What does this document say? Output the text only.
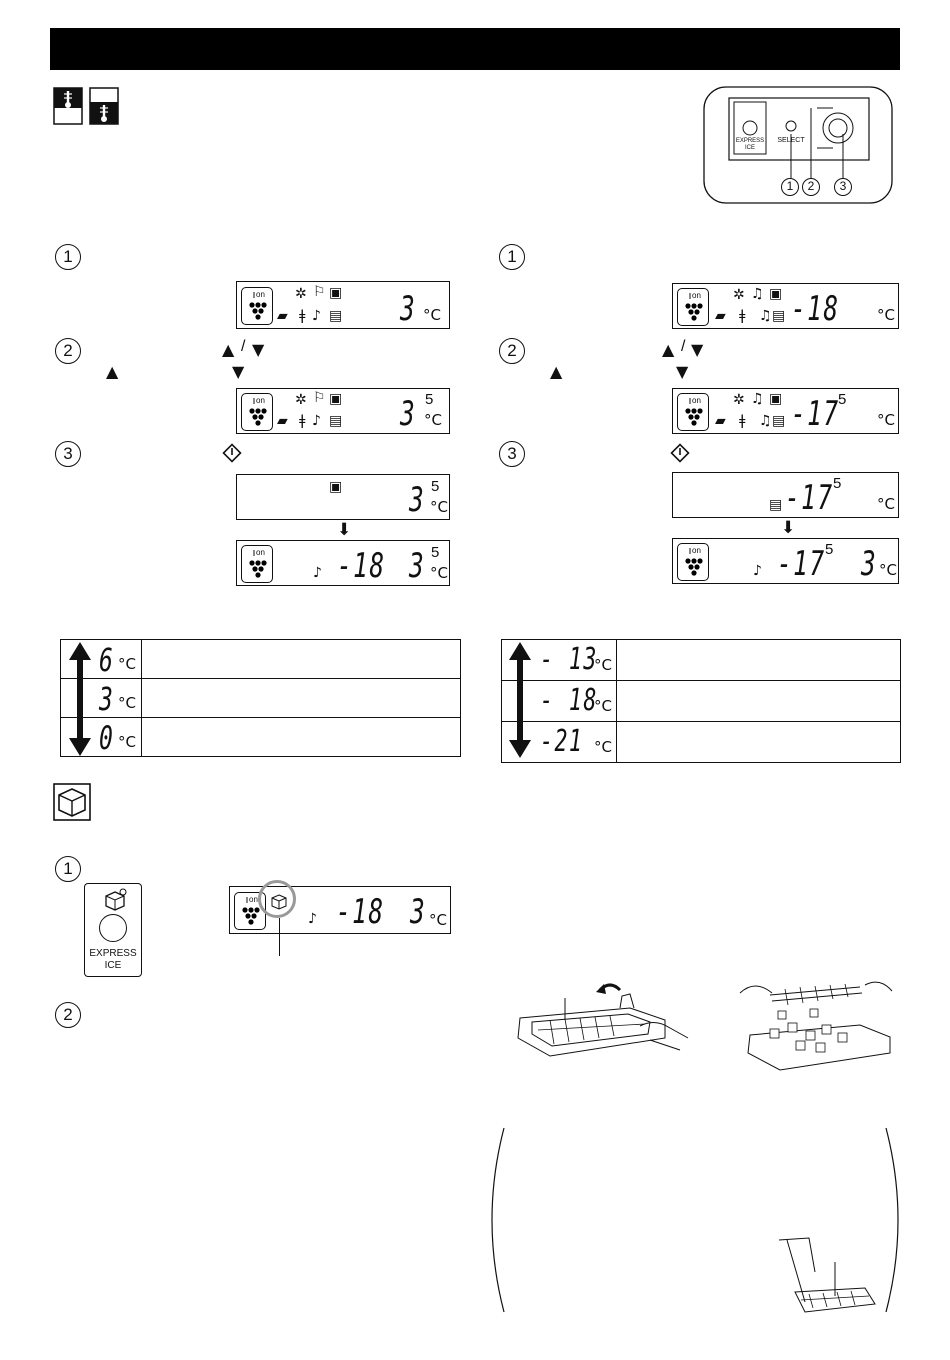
EXPRESS
ICE
SELECT
1	2	3
1
2
3
▲ / ▼
▲	▼
on ✲ ⚐ ▣
▰ ǂ ♪ ▤ 3 °C
on ✲ ⚐ ▣
▰ ǂ ♪ ▤ 3 5
°C
▣ 3 5
°C
⬇
on
♪ -18 3 5
°C
6 °C	

3 °C	

0 °C	

1
2
3
▲ / ▼
▲	▼
on ✲ ♫ ▣
▰ ǂ ♫ ▤ -18 °C
on ✲ ♫ ▣
▰ ǂ ♫ ▤ -17
5
°C
▤ -17 5
°C
⬇
on
♪ -17 5 3 °C
- 13
°C	

- 18
°C	

-21 °C	

1
2
EXPRESS
ICE
on
♪ -18 3 °C
